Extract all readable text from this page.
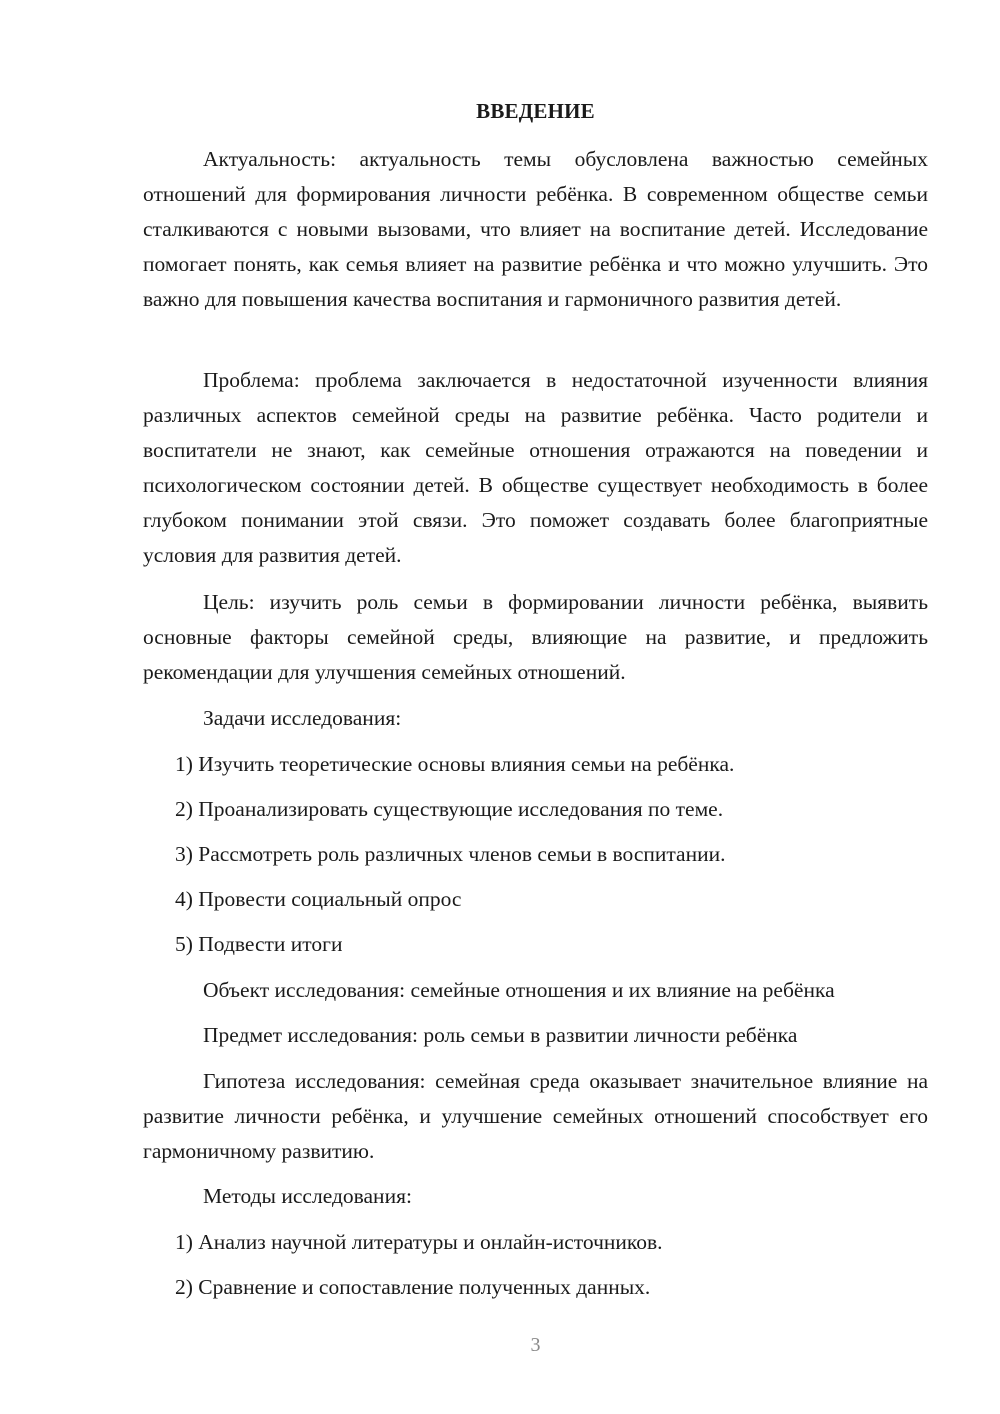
ВВЕДЕНИЕ

Актуальность: актуальность темы обусловлена важностью семейных отношений для формирования личности ребёнка. В современном обществе семьи сталкиваются с новыми вызовами, что влияет на воспитание детей. Исследование помогает понять, как семья влияет на развитие ребёнка и что можно улучшить. Это важно для повышения качества воспитания и гармоничного развития детей.

Проблема: проблема заключается в недостаточной изученности влияния различных аспектов семейной среды на развитие ребёнка. Часто родители и воспитатели не знают, как семейные отношения отражаются на поведении и психологическом состоянии детей. В обществе существует необходимость в более глубоком понимании этой связи. Это поможет создавать более благоприятные условия для развития детей.

Цель: изучить роль семьи в формировании личности ребёнка, выявить основные факторы семейной среды, влияющие на развитие, и предложить рекомендации для улучшения семейных отношений.

Задачи исследования:

1) Изучить теоретические основы влияния семьи на ребёнка.

2) Проанализировать существующие исследования по теме.

3) Рассмотреть роль различных членов семьи в воспитании.

4) Провести социальный опрос

5) Подвести итоги

Объект исследования: семейные отношения и их влияние на ребёнка

Предмет исследования: роль семьи в развитии личности ребёнка

Гипотеза исследования: семейная среда оказывает значительное влияние на развитие личности ребёнка, и улучшение семейных отношений способствует его гармоничному развитию.

Методы исследования:

1) Анализ научной литературы и онлайн-источников.

2) Сравнение и сопоставление полученных данных.

3
